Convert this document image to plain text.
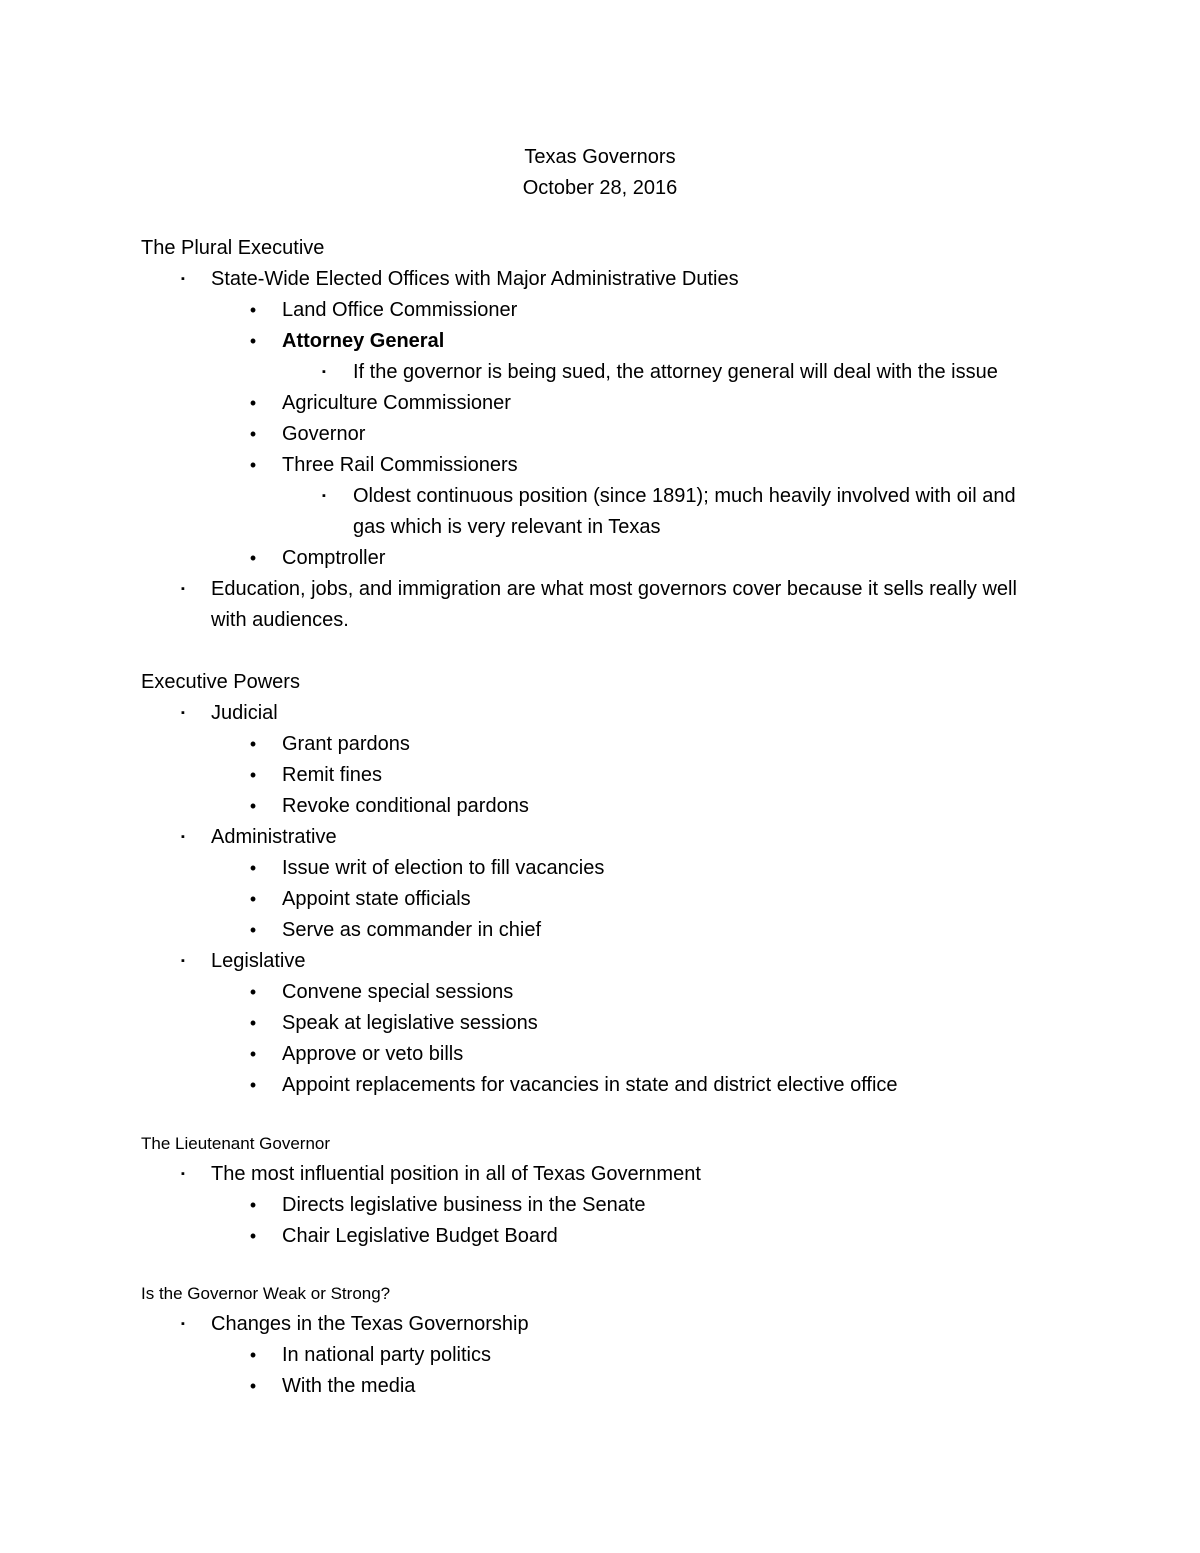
Texas Governors
October 28, 2016
The Plural Executive
▪	State-Wide Elected Offices with Major Administrative Duties
•	Land Office Commissioner
•	Attorney General
▪	If the governor is being sued, the attorney general will deal with the issue
•	Agriculture Commissioner
•	Governor
•	Three Rail Commissioners
▪	Oldest continuous position (since 1891); much heavily involved with oil and gas which is very relevant in Texas
•	Comptroller
▪	Education, jobs, and immigration are what most governors cover because it sells really well with audiences.
Executive Powers
▪	Judicial
•	Grant pardons
•	Remit fines
•	Revoke conditional pardons
▪	Administrative
•	Issue writ of election to fill vacancies
•	Appoint state officials
•	Serve as commander in chief
▪	Legislative
•	Convene special sessions
•	Speak at legislative sessions
•	Approve or veto bills
•	Appoint replacements for vacancies in state and district elective office
The Lieutenant Governor
▪	The most influential position in all of Texas Government
•	Directs legislative business in the Senate
•	Chair Legislative Budget Board
Is the Governor Weak or Strong?
▪	Changes in the Texas Governorship
•	In national party politics
•	With the media
